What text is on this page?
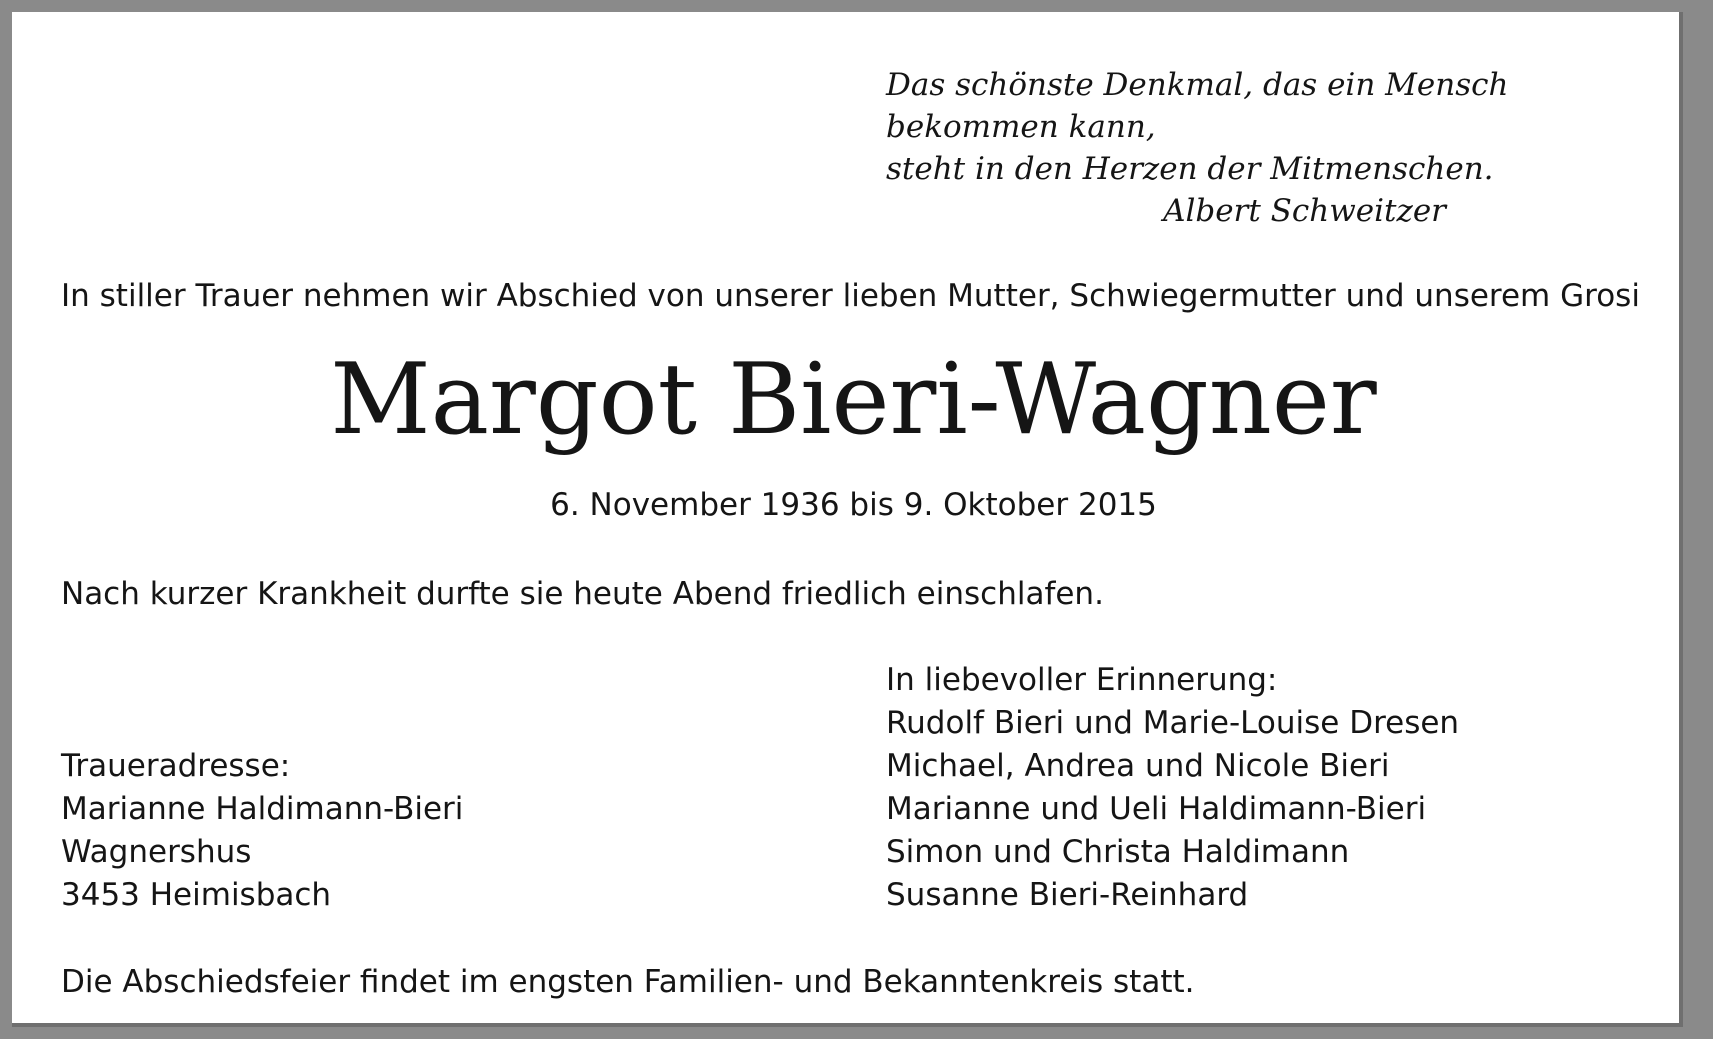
Das schönste Denkmal, das ein Mensch
bekommen kann,
steht in den Herzen der Mitmenschen.
Albert Schweitzer
In stiller Trauer nehmen wir Abschied von unserer lieben Mutter, Schwiegermutter und unserem Grosi
Margot Bieri-Wagner
6. November 1936 bis 9. Oktober 2015
Nach kurzer Krankheit durfte sie heute Abend friedlich einschlafen.
In liebevoller Erinnerung:
Rudolf Bieri und Marie-Louise Dresen
Michael, Andrea und Nicole Bieri
Marianne und Ueli Haldimann-Bieri
Simon und Christa Haldimann
Susanne Bieri-Reinhard
Traueradresse:
Marianne Haldimann-Bieri
Wagnershus
3453 Heimisbach
Die Abschiedsfeier findet im engsten Familien- und Bekanntenkreis statt.
